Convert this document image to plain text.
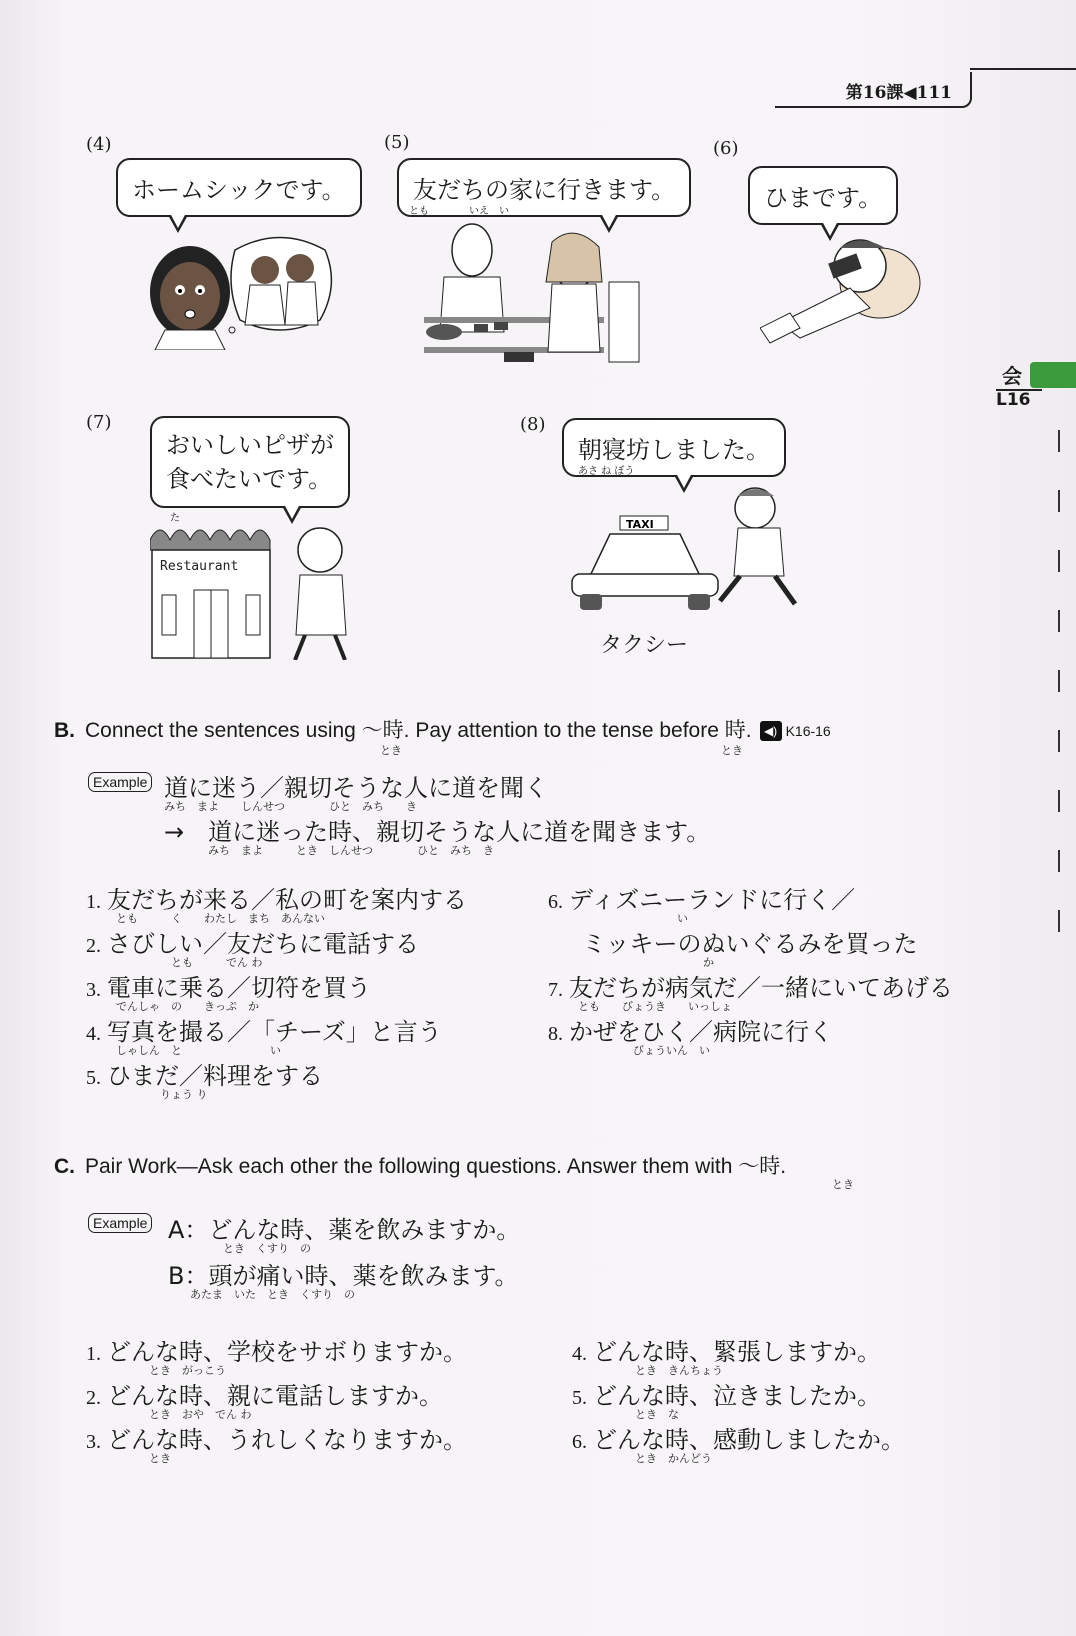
第16課◀111
会
L16
(4)
ホームシックです。
(5)
友だちの家に行きます。
とも　　　　いえ　い
(6)
ひまです。
(7)
おいしいピザが
食べたいです。
た
Restaurant
(8)
朝寝坊しました。
あさ ね ぼう
TAXI
タクシー
B. Connect the sentences using ～時. Pay attention to the tense before 時. ◀) K16-16
とき　　　　　　　　　　　　　　　　　　　　　　　　　　　　　とき
Example 道に迷う／親切そうな人に道を聞く
みち　まよ　　しんせつ　　　　ひと　みち　　き
→　道に迷った時、親切そうな人に道を聞きます。
　　　　みち　まよ　　　とき　しんせつ　　　　ひと　みち　き
1. 友だちが来る／私の町を案内する
とも　　　く　　わたし　まち　あんない
2. さびしい／友だちに電話する
　　　　　とも　　　でん わ
3. 電車に乗る／切符を買う
でんしゃ　の　　きっぷ　か
4. 写真を撮る／「チーズ」と言う
しゃしん　と　　　　　　　　い
5. ひまだ／料理をする
　　　　りょう り
6. ディズニーランドに行く／
　　　　　　　　　い
ミッキーのぬいぐるみを買った
　　　　　　　　　　　か
7. 友だちが病気だ／一緒にいてあげる
とも　　びょうき　　いっしょ
8. かぜをひく／病院に行く
　　　　　びょういん　い
C. Pair Work—Ask each other the following questions. Answer them with ～時.
とき
Example A：どんな時、薬を飲みますか。
　　　　　とき　くすり　の
B：頭が痛い時、薬を飲みます。
　　あたま　いた　とき　くすり　の
1. どんな時、学校をサボりますか。
　　　とき　がっこう
2. どんな時、親に電話しますか。
　　　とき　おや　でん わ
3. どんな時、うれしくなりますか。
　　　とき
4. どんな時、緊張しますか。
　　　とき　きんちょう
5. どんな時、泣きましたか。
　　　とき　な
6. どんな時、感動しましたか。
　　　とき　かんどう
